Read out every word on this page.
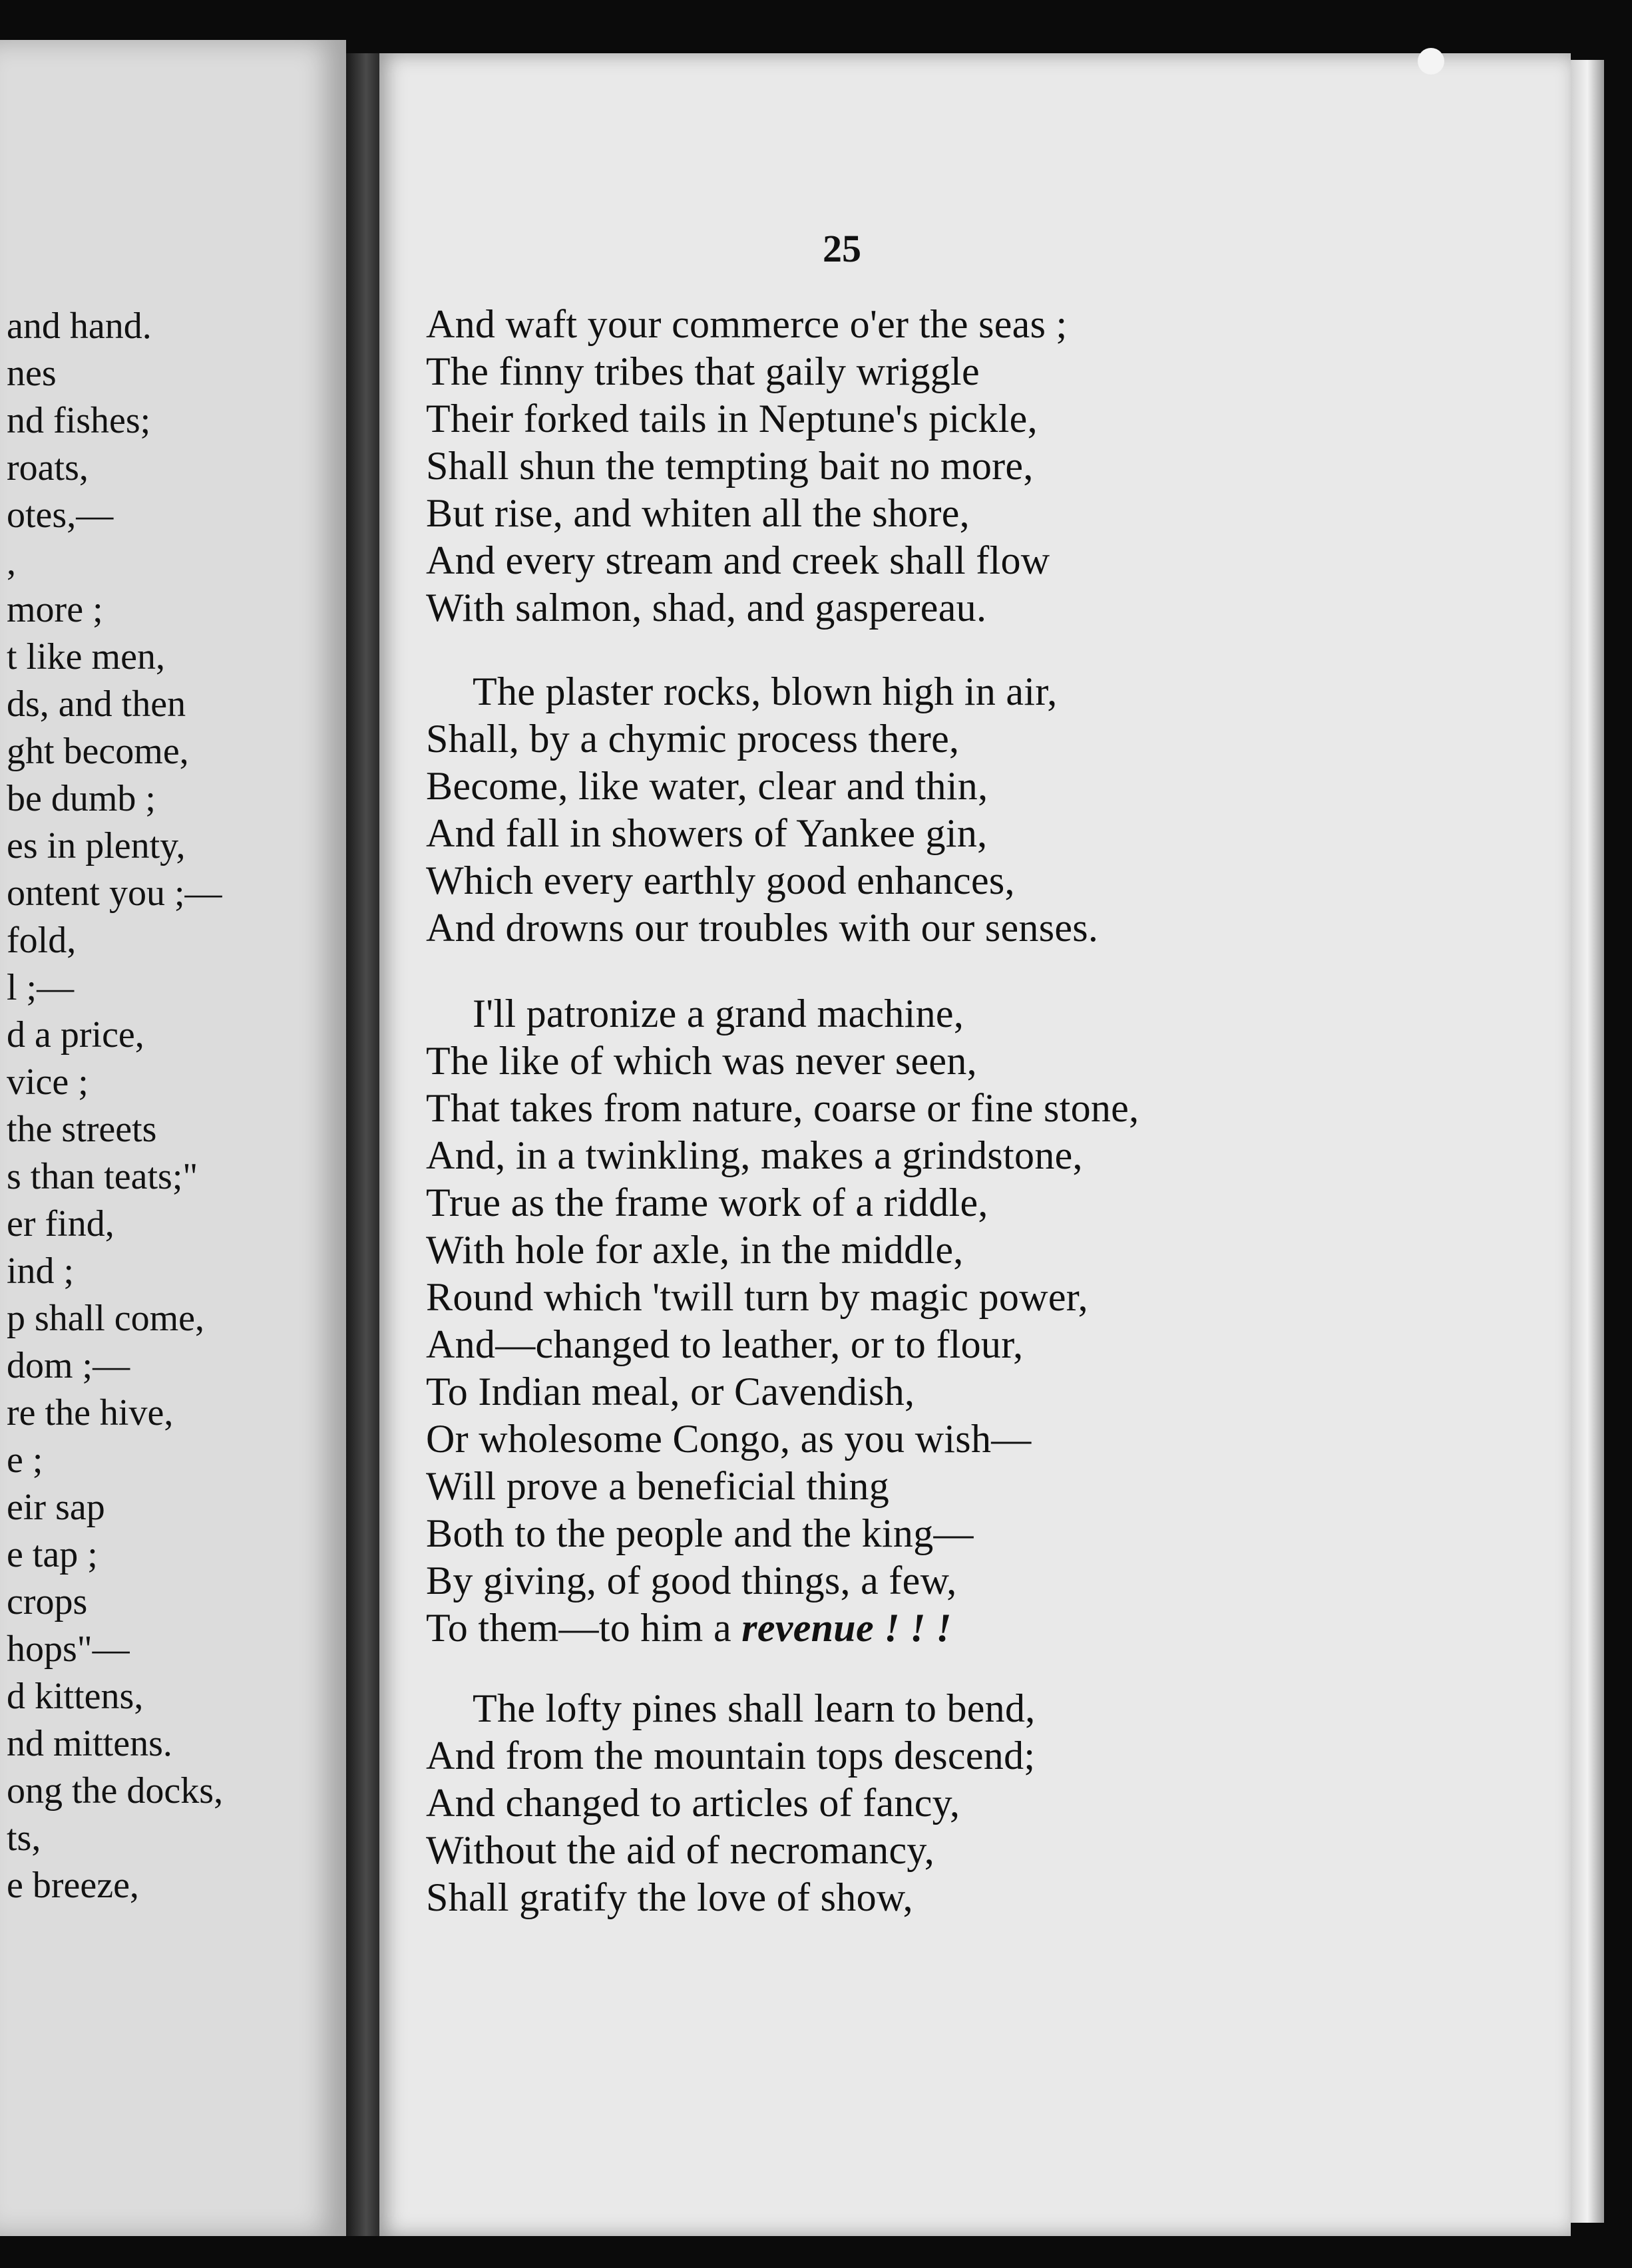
and hand.
nes
nd fishes;
roats,
otes,—
,
more ;
t like men,
ds, and then
ght become,
be dumb ;
es in plenty,
ontent you ;—
fold,
l ;—
d a price,
vice ;
the streets
s than teats;"
er find,
ind ;
p shall come,
dom ;—
re the hive,
e ;
eir sap
e tap ;
crops
hops"—
d kittens,
nd mittens.
ong the docks,
ts,
e breeze,
25
And waft your commerce o'er the seas ;
The finny tribes that gaily wriggle
Their forked tails in Neptune's pickle,
Shall shun the tempting bait no more,
But rise, and whiten all the shore,
And every stream and creek shall flow
With salmon, shad, and gaspereau.
The plaster rocks, blown high in air,
Shall, by a chymic process there,
Become, like water, clear and thin,
And fall in showers of Yankee gin,
Which every earthly good enhances,
And drowns our troubles with our senses.
I'll patronize a grand machine,
The like of which was never seen,
That takes from nature, coarse or fine stone,
And, in a twinkling, makes a grindstone,
True as the frame work of a riddle,
With hole for axle, in the middle,
Round which 'twill turn by magic power,
And—changed to leather, or to flour,
To Indian meal, or Cavendish,
Or wholesome Congo, as you wish—
Will prove a beneficial thing
Both to the people and the king—
By giving, of good things, a few,
To them—to him a revenue ! ! !
The lofty pines shall learn to bend,
And from the mountain tops descend;
And changed to articles of fancy,
Without the aid of necromancy,
Shall gratify the love of show,
